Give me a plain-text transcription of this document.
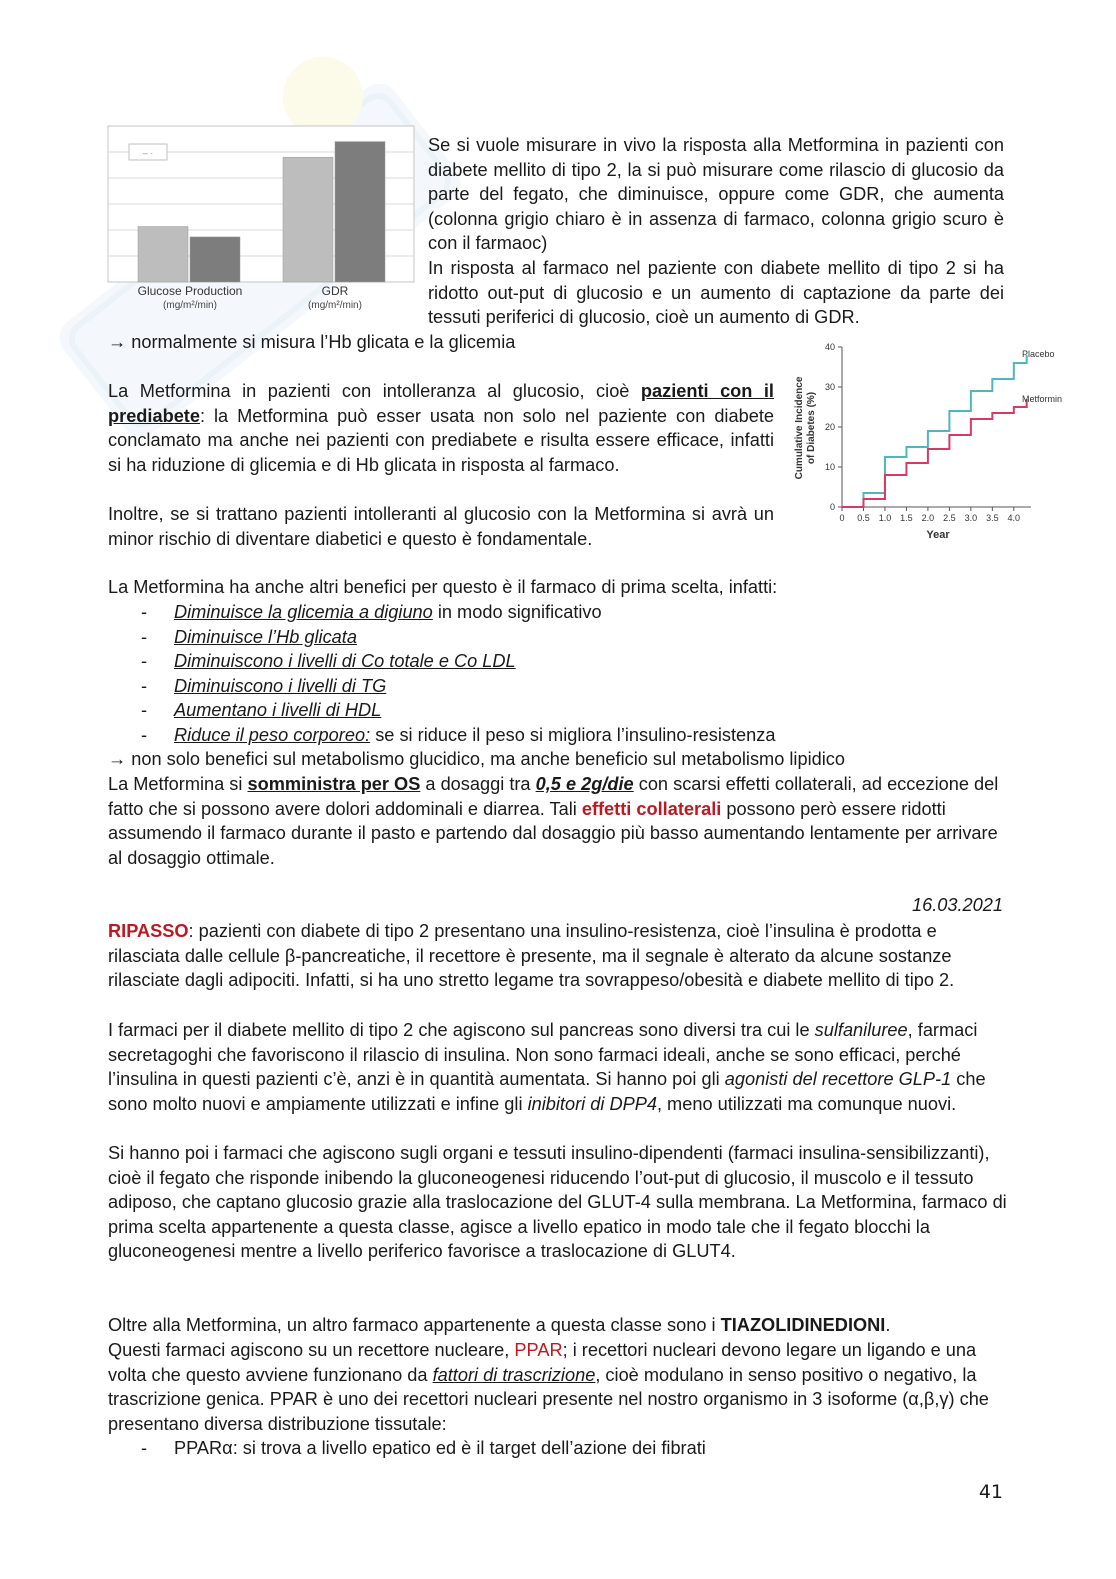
– ·
Glucose Production
(mg/m²/min)
GDR
(mg/m²/min)
Cumulative Incidence of Diabetes (%)
0
10
20
30
40
0 0.5 1.0 1.5 2.0 2.5 3.0 3.5 4.0
Year
Placebo
Metformin

Se si vuole misurare in vivo la risposta alla Metformina in pazienti con diabete mellito di tipo 2, la si può misurare come rilascio di glucosio da parte del fegato, che diminuisce, oppure come GDR, che aumenta (colonna grigio chiaro è in assenza di farmaco, colonna grigio scuro è con il farmaoc)

In risposta al farmaco nel paziente con diabete mellito di tipo 2 si ha ridotto out-put di glucosio e un aumento di captazione da parte dei tessuti periferici di glucosio, cioè un aumento di GDR.

→ normalmente si misura l’Hb glicata e la glicemia

La Metformina in pazienti con intolleranza al glucosio, cioè pazienti con il prediabete: la Metformina può esser usata non solo nel paziente con diabete conclamato ma anche nei pazienti con prediabete e risulta essere efficace, infatti si ha riduzione di glicemia e di Hb glicata in risposta al farmaco.

Inoltre, se si trattano pazienti intolleranti al glucosio con la Metformina si avrà un minor rischio di diventare diabetici e questo è fondamentale.

La Metformina ha anche altri benefici per questo è il farmaco di prima scelta, infatti:

- Diminuisce la glicemia a digiuno in modo significativo
- Diminuisce l’Hb glicata
- Diminuiscono i livelli di Co totale e Co LDL
- Diminuiscono i livelli di TG
- Aumentano i livelli di HDL
- Riduce il peso corporeo: se si riduce il peso si migliora l’insulino-resistenza

→ non solo benefici sul metabolismo glucidico, ma anche beneficio sul metabolismo lipidico

La Metformina si somministra per OS a dosaggi tra 0,5 e 2g/die con scarsi effetti collaterali, ad eccezione del fatto che si possono avere dolori addominali e diarrea. Tali effetti collaterali possono però essere ridotti assumendo il farmaco durante il pasto e partendo dal dosaggio più basso aumentando lentamente per arrivare al dosaggio ottimale.

16.03.2021

RIPASSO: pazienti con diabete di tipo 2 presentano una insulino-resistenza, cioè l’insulina è prodotta e rilasciata dalle cellule β-pancreatiche, il recettore è presente, ma il segnale è alterato da alcune sostanze rilasciate dagli adipociti. Infatti, si ha uno stretto legame tra sovrappeso/obesità e diabete mellito di tipo 2.

I farmaci per il diabete mellito di tipo 2 che agiscono sul pancreas sono diversi tra cui le sulfaniluree, farmaci secretagoghi che favoriscono il rilascio di insulina. Non sono farmaci ideali, anche se sono efficaci, perché l’insulina in questi pazienti c’è, anzi è in quantità aumentata. Si hanno poi gli agonisti del recettore GLP-1 che sono molto nuovi e ampiamente utilizzati e infine gli inibitori di DPP4, meno utilizzati ma comunque nuovi.

Si hanno poi i farmaci che agiscono sugli organi e tessuti insulino-dipendenti (farmaci insulina-sensibilizzanti), cioè il fegato che risponde inibendo la gluconeogenesi riducendo l’out-put di glucosio, il muscolo e il tessuto adiposo, che captano glucosio grazie alla traslocazione del GLUT-4 sulla membrana. La Metformina, farmaco di prima scelta appartenente a questa classe, agisce a livello epatico in modo tale che il fegato blocchi la gluconeogenesi mentre a livello periferico favorisce a traslocazione di GLUT4.

Oltre alla Metformina, un altro farmaco appartenente a questa classe sono i TIAZOLIDINEDIONI.

Questi farmaci agiscono su un recettore nucleare, PPAR; i recettori nucleari devono legare un ligando e una volta che questo avviene funzionano da fattori di trascrizione, cioè modulano in senso positivo o negativo, la trascrizione genica. PPAR è uno dei recettori nucleari presente nel nostro organismo in 3 isoforme (α,β,γ) che presentano diversa distribuzione tissutale:

- PPARα: si trova a livello epatico ed è il target dell’azione dei fibrati
41
